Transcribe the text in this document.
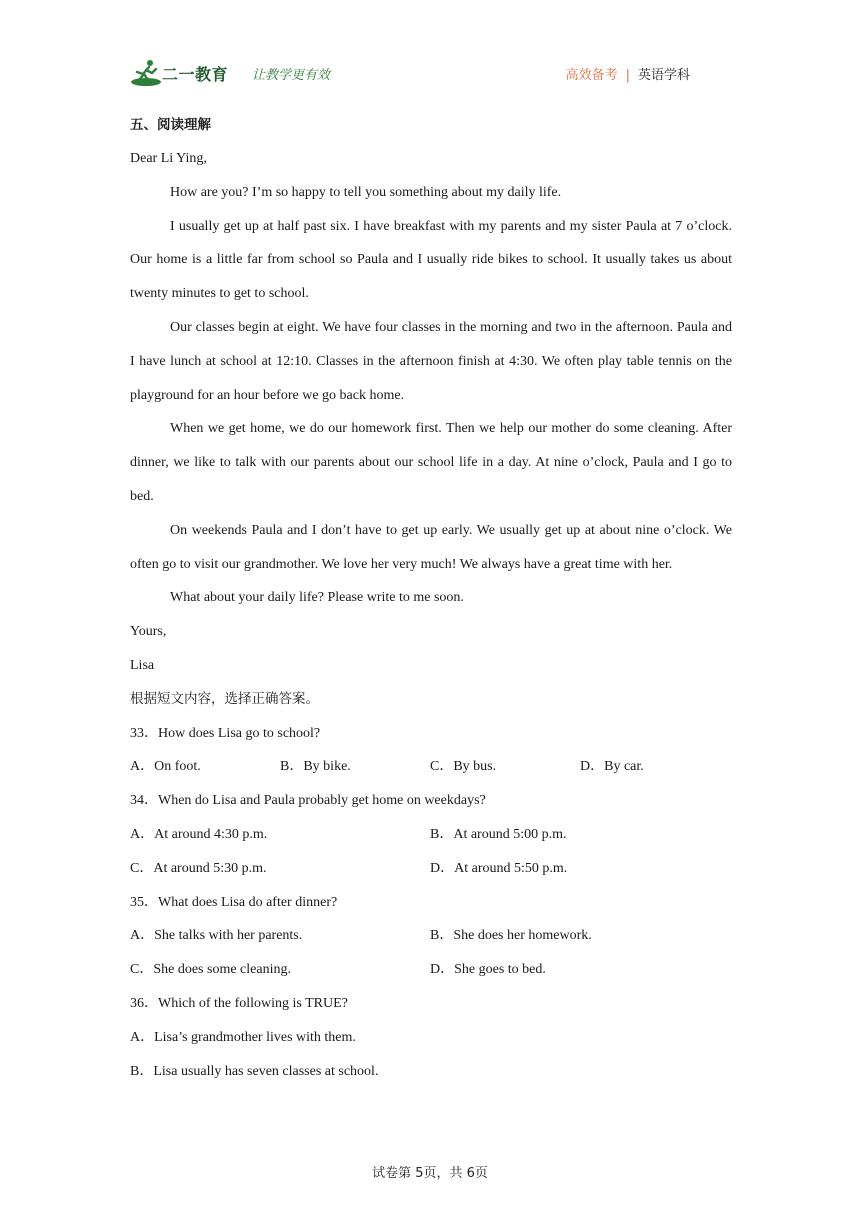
二一教育 让教学更有效	高效备考 | 英语学科
五、阅读理解

Dear Li Ying,

How are you? I’m so happy to tell you something about my daily life.

I usually get up at half past six. I have breakfast with my parents and my sister Paula at 7 o’clock. Our home is a little far from school so Paula and I usually ride bikes to school. It usually takes us about twenty minutes to get to school.

Our classes begin at eight. We have four classes in the morning and two in the afternoon. Paula and I have lunch at school at 12:10. Classes in the afternoon finish at 4:30. We often play table tennis on the playground for an hour before we go back home.

When we get home, we do our homework first. Then we help our mother do some cleaning. After dinner, we like to talk with our parents about our school life in a day. At nine o’clock, Paula and I go to bed.

On weekends Paula and I don’t have to get up early. We usually get up at about nine o’clock. We often go to visit our grandmother. We love her very much! We always have a great time with her.

What about your daily life? Please write to me soon.

Yours,

Lisa

根据短文内容，选择正确答案。

33．How does Lisa go to school?

A．On foot.	B．By bike.	C．By bus.	D．By car.

34．When do Lisa and Paula probably get home on weekdays?

A．At around 4:30 p.m.	B．At around 5:00 p.m.
C．At around 5:30 p.m.	D．At around 5:50 p.m.

35．What does Lisa do after dinner?

A．She talks with her parents.	B．She does her homework.
C．She does some cleaning.	D．She goes to bed.

36．Which of the following is TRUE?

A．Lisa’s grandmother lives with them.

B．Lisa usually has seven classes at school.

试卷第 5页，共 6页
